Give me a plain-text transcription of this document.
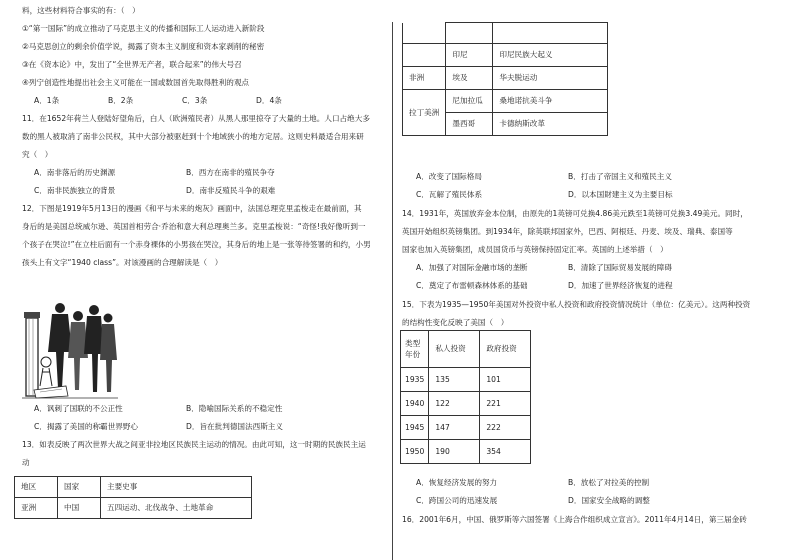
料，这些材料符合事实的有：（　）
①“第一国际”的成立推动了马克思主义的传播和国际工人运动进入新阶段
②马克思创立的剩余价值学说，揭露了资本主义制度和资本家剥削的秘密
③在《资本论》中，发出了“全世界无产者，联合起来”的伟大号召
④列宁创造性地提出社会主义可能在一国或数国首先取得胜利的观点
A．1条	B．2条	C．3条	D．4条
11．在1652年荷兰人登陆好望角后，白人（欧洲殖民者）从黑人那里掠夺了大量的土地。人口占绝大多
数的黑人被取消了南非公民权，其中大部分被驱赶到十个地域狭小的地方定居。这则史料最适合用来研
究（　）
A．南非落后的历史渊源	B．西方在南非的殖民争夺
C．南非民族独立的背景	D．南非反殖民斗争的艰难
12．下图是1919年5月13日的漫画《和平与未来的炮灰》画面中，法国总理克里孟梭走在最前面，其
身后的是美国总统威尔逊、英国首相劳合·乔治和意大利总理奥兰多。克里孟梭说：“奇怪!我好像听到一
个孩子在哭泣!”在立柱后面有一个赤身裸体的小男孩在哭泣，其身后的地上是一张等待签署的和约，小男
孩头上有文字“1940 class”。对该漫画的合理解读是（　）
A．讽刺了国联的不公正性	B．隐喻国际关系的不稳定性
C．揭露了美国的称霸世界野心	D．旨在批判德国法西斯主义
13．如表反映了两次世界大战之间亚非拉地区民族民主运动的情况。由此可知，这一时期的民族民主运
动
地区	国家	主要史事
亚洲	中国	五四运动、北伐战争、土地革命

	印尼	印尼民族大起义
非洲	埃及	华夫脱运动
拉丁美洲	尼加拉瓜	桑地诺抗美斗争
	墨西哥	卡德纳斯改革
A．改变了国际格局	B．打击了帝国主义和殖民主义
C．瓦解了殖民体系	D．以本国財建主义为主要目标
14．1931年，英国放弃金本位制，由原先的1英镑可兑换4.86美元跌至1英镑可兑换3.49美元。同时，
英国开始组织英镑集团。到1934年，除英联邦国家外，巴西、阿根廷、丹麦、埃及、瑞典、泰国等
国家也加入英镑集团，成员国货币与英镑保持固定汇率。英国的上述举措（　）
A．加强了对国际金融市场的垄断	B．清除了国际贸易发展的障碍
C．奠定了布雷顿森林体系的基础	D．加速了世界经济恢复的进程
15．下表为1935—1950年美国对外投资中私人投资和政府投资情况统计（单位：亿美元）。这两种投资
的结构性变化反映了美国（　）
类型
年份	私人投资	政府投资
1935	135	101
1940	122	221
1945	147	222
1950	190	354
A．恢复经济发展的努力	B．放松了对拉美的控制
C．跨国公司的迅速发展	D．国家安全战略的调整
16．2001年6月，中国、俄罗斯等六国签署《上海合作组织成立宣言》。2011年4月14日，第三届金砖
